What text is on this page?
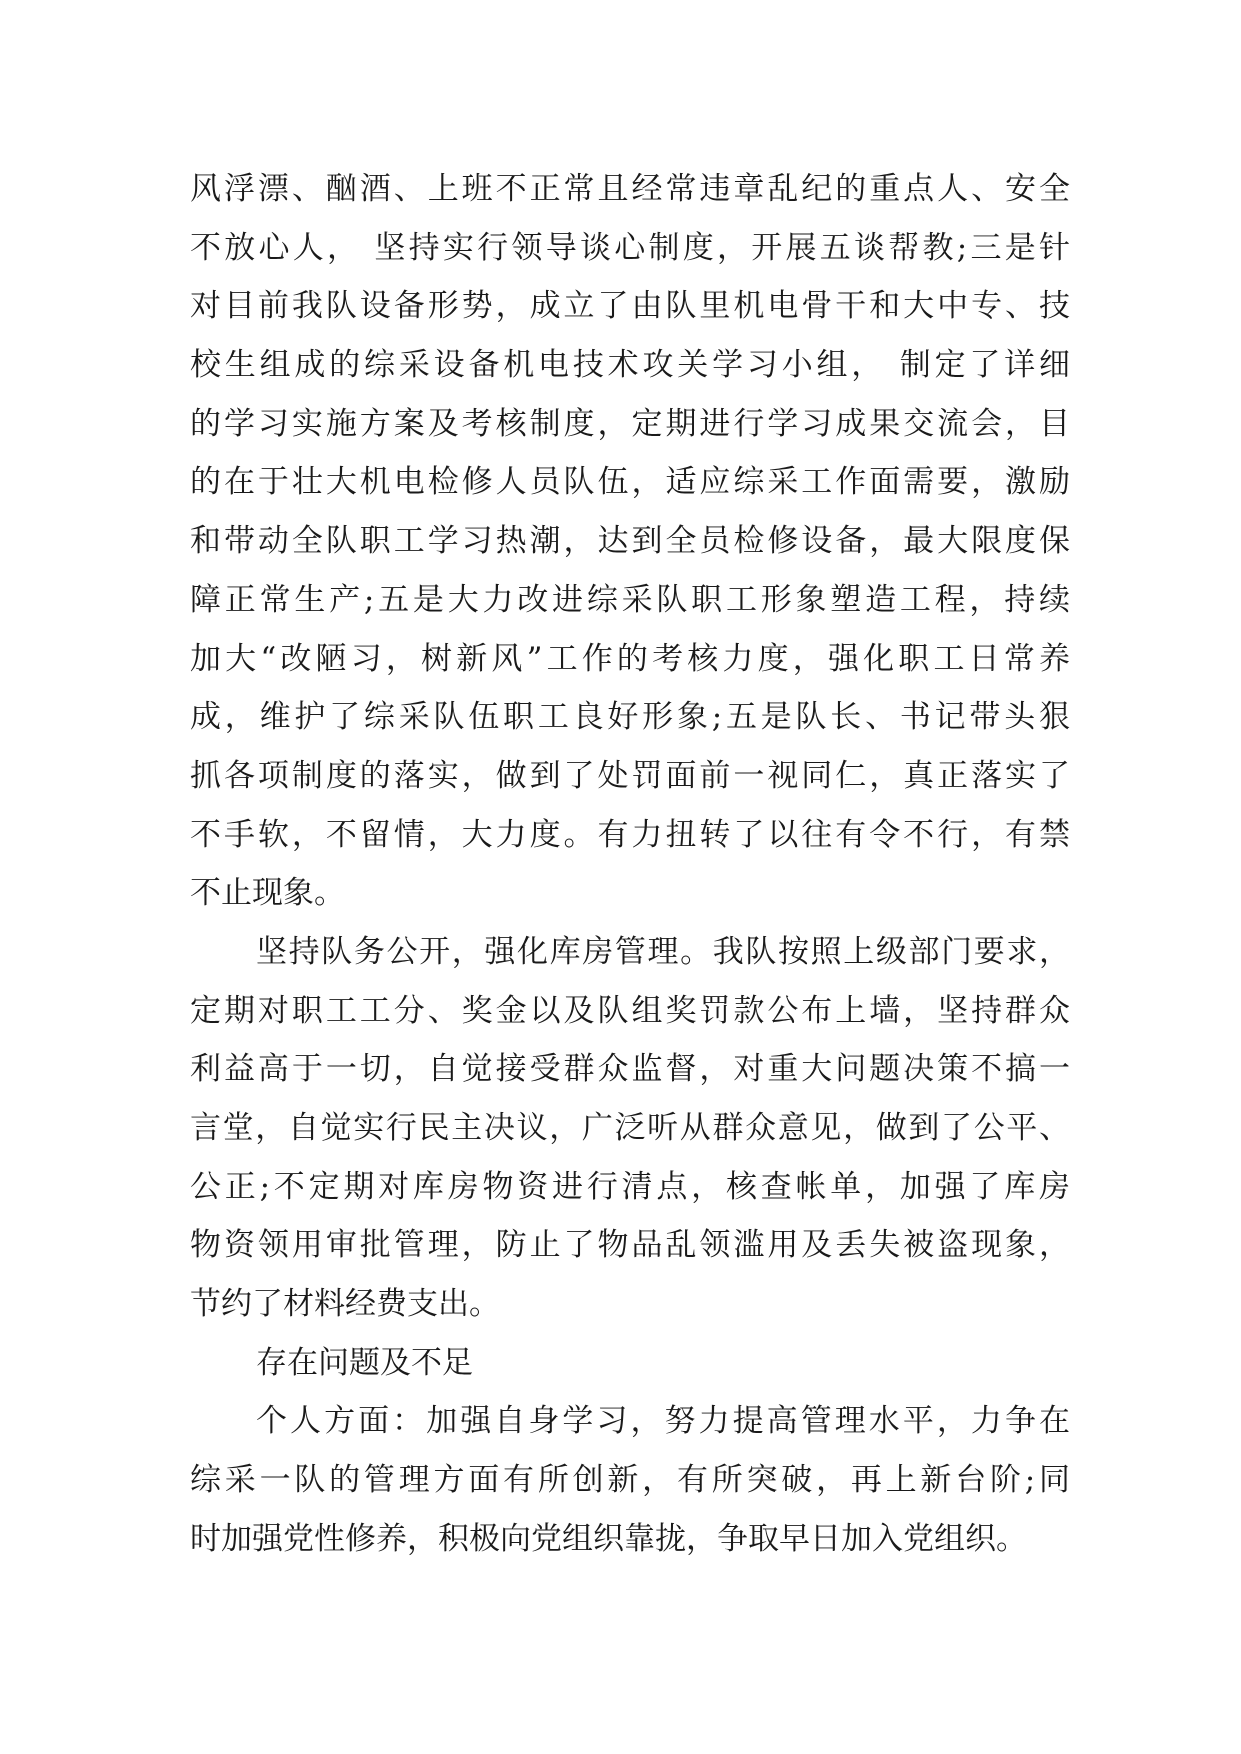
风浮漂、酗酒、上班不正常且经常违章乱纪的重点人、安全
不放心人， 坚持实行领导谈心制度，开展五谈帮教;三是针
对目前我队设备形势，成立了由队里机电骨干和大中专、技
校生组成的综采设备机电技术攻关学习小组， 制定了详细
的学习实施方案及考核制度，定期进行学习成果交流会，目
的在于壮大机电检修人员队伍，适应综采工作面需要，激励
和带动全队职工学习热潮，达到全员检修设备，最大限度保
障正常生产;五是大力改进综采队职工形象塑造工程，持续
加大“改陋习，树新风”工作的考核力度，强化职工日常养
成，维护了综采队伍职工良好形象;五是队长、书记带头狠
抓各项制度的落实，做到了处罚面前一视同仁，真正落实了
不手软，不留情，大力度。有力扭转了以往有令不行，有禁
不止现象。
坚持队务公开，强化库房管理。我队按照上级部门要求，
定期对职工工分、奖金以及队组奖罚款公布上墙，坚持群众
利益高于一切，自觉接受群众监督，对重大问题决策不搞一
言堂，自觉实行民主决议，广泛听从群众意见，做到了公平、
公正;不定期对库房物资进行清点，核查帐单，加强了库房
物资领用审批管理，防止了物品乱领滥用及丢失被盗现象，
节约了材料经费支出。
存在问题及不足
个人方面：加强自身学习，努力提高管理水平，力争在
综采一队的管理方面有所创新，有所突破，再上新台阶;同
时加强党性修养，积极向党组织靠拢，争取早日加入党组织。
